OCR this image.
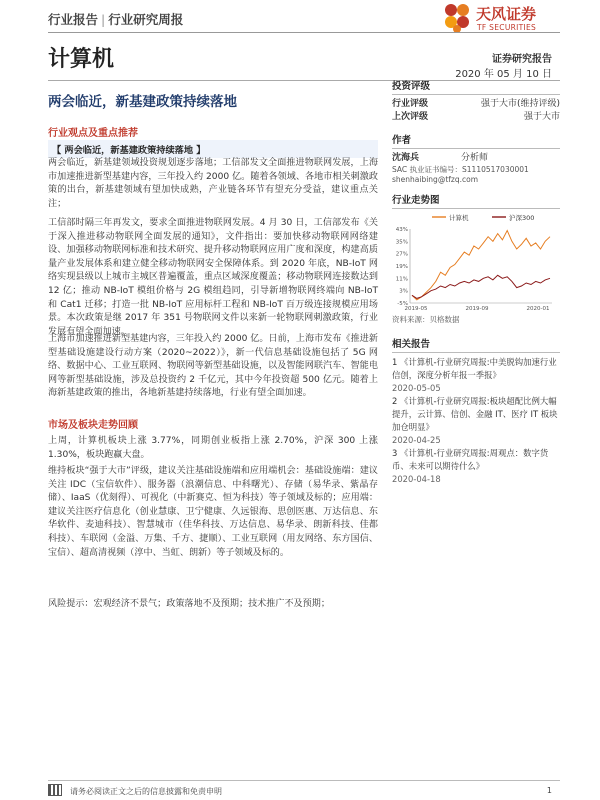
行业报告 | 行业研究周报	天风证券
TF SECURITIES
计算机	证券研究报告
2020 年 05 月 10 日
两会临近，新基建政策持续落地
行业观点及重点推荐
【 两会临近，新基建政策持续落地 】
两会临近，新基建领域投资规划逐步落地；工信部发文全面推进物联网发展，上海市加速推进新型基建内容，三年投入约 2000 亿。随着各领域、各地市相关刺激政策的出台，新基建领域有望加快成熟，产业链各环节有望充分受益，建议重点关注；
工信部时隔三年再发文，要求全面推进物联网发展。4 月 30 日，工信部发布《关于深入推进移动物联网全面发展的通知》，文件指出：要加快移动物联网网络建设、加强移动物联网标准和技术研究、提升移动物联网应用广度和深度，构建高质量产业发展体系和建立健全移动物联网安全保障体系。到 2020 年底，NB-IoT 网络实现县级以上城市主城区普遍覆盖，重点区域深度覆盖；移动物联网连接数达到 12 亿；推动 NB-IoT 模组价格与 2G 模组趋同，引导新增物联网终端向 NB-IoT 和 Cat1 迁移；打造一批 NB-IoT 应用标杆工程和 NB-IoT 百万级连接规模应用场景。本次政策是继 2017 年 351 号物联网文件以来新一轮物联网刺激政策，行业发展有望全面加速。
上海市加速推进新型基建内容，三年投入约 2000 亿。日前，上海市发布《推进新型基础设施建设行动方案（2020~2022）》，新一代信息基础设施包括了 5G 网络、数据中心、工业互联网、物联网等新型基础设施，以及智能网联汽车、智能电网等新型基础设施，涉及总投资约 2 千亿元，其中今年投资超 500 亿元。随着上海新基建政策的推出，各地新基建持续落地，行业有望全面加速。
市场及板块走势回顾
上周，计算机板块上涨 3.77%，同期创业板指上涨 2.70%，沪深 300 上涨 1.30%，板块跑赢大盘。
维持板块“强于大市”评级，建议关注基础设施端和应用端机会：基础设施端：建议关注 IDC（宝信软件）、服务器（浪潮信息、中科曙光）、存储（易华录、紫晶存储）、IaaS（优刻得）、可视化（中新赛克、恒为科技）等子领域及标的；应用端：建议关注医疗信息化（创业慧康、卫宁健康、久远银海、思创医惠、万达信息、东华软件、麦迪科技）、智慧城市（佳华科技、万达信息、易华录、朗新科技、佳都科技）、车联网（金溢、万集、千方、捷顺）、工业互联网（用友网络、东方国信、宝信）、超高清视频（淳中、当虹、朗新）等子领域及标的。
风险提示：宏观经济不景气；政策落地不及预期；技术推广不及预期；
投资评级
行业评级	强于大市(维持评级)
上次评级	强于大市
作者
沈海兵	分析师
SAC 执业证书编号：S1110517030001
shenhaibing@tfzq.com
行业走势图
计算机	沪深300
43%
35%
27%
19%
11%
3%
-5%
2019-05	2019-09	2020-01
资料来源：贝格数据
相关报告
1 《计算机-行业研究周报:中美脱钩加速行业信创，深度分析年报一季报》
2020-05-05
2 《计算机-行业研究周报:板块超配比例大幅提升，云计算、信创、金融 IT、医疗 IT 板块加仓明显》
2020-04-25
3 《计算机-行业研究周报:周观点：数字货币、未来可以期待什么》
2020-04-18
请务必阅读正文之后的信息披露和免责申明	1
